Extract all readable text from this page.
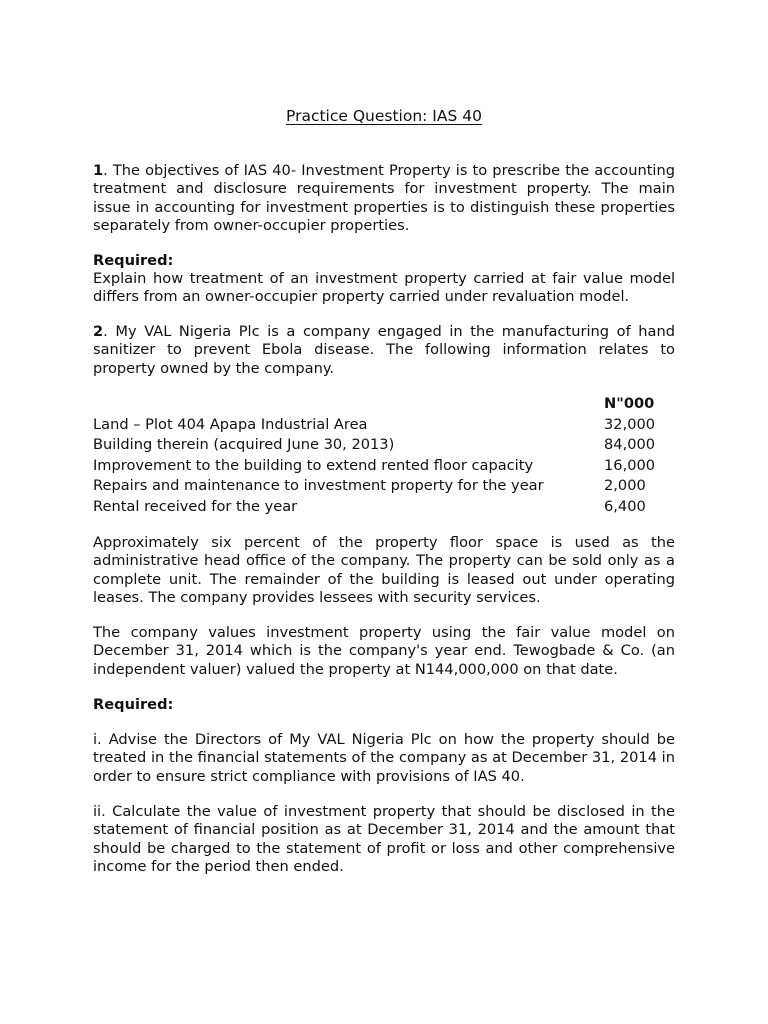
Practice Question: IAS 40
1. The objectives of IAS 40- Investment Property is to prescribe the accounting treatment and disclosure requirements for investment property. The main issue in accounting for investment properties is to distinguish these properties separately from owner-occupier properties.
Required:
Explain how treatment of an investment property carried at fair value model differs from an owner-occupier property carried under revaluation model.
2. My VAL Nigeria Plc is a company engaged in the manufacturing of hand sanitizer to prevent Ebola disease. The following information relates to property owned by the company.
N"000
Land – Plot 404 Apapa Industrial Area	32,000
Building therein (acquired June 30, 2013)	84,000
Improvement to the building to extend rented floor capacity	16,000
Repairs and maintenance to investment property for the year	2,000
Rental received for the year	6,400
Approximately six percent of the property floor space is used as the administrative head office of the company. The property can be sold only as a complete unit. The remainder of the building is leased out under operating leases. The company provides lessees with security services.
The company values investment property using the fair value model on December 31, 2014 which is the company's year end. Tewogbade & Co. (an independent valuer) valued the property at N144,000,000 on that date.
Required:
i. Advise the Directors of My VAL Nigeria Plc on how the property should be treated in the financial statements of the company as at December 31, 2014 in order to ensure strict compliance with provisions of IAS 40.
ii. Calculate the value of investment property that should be disclosed in the statement of financial position as at December 31, 2014 and the amount that should be charged to the statement of profit or loss and other comprehensive income for the period then ended.
